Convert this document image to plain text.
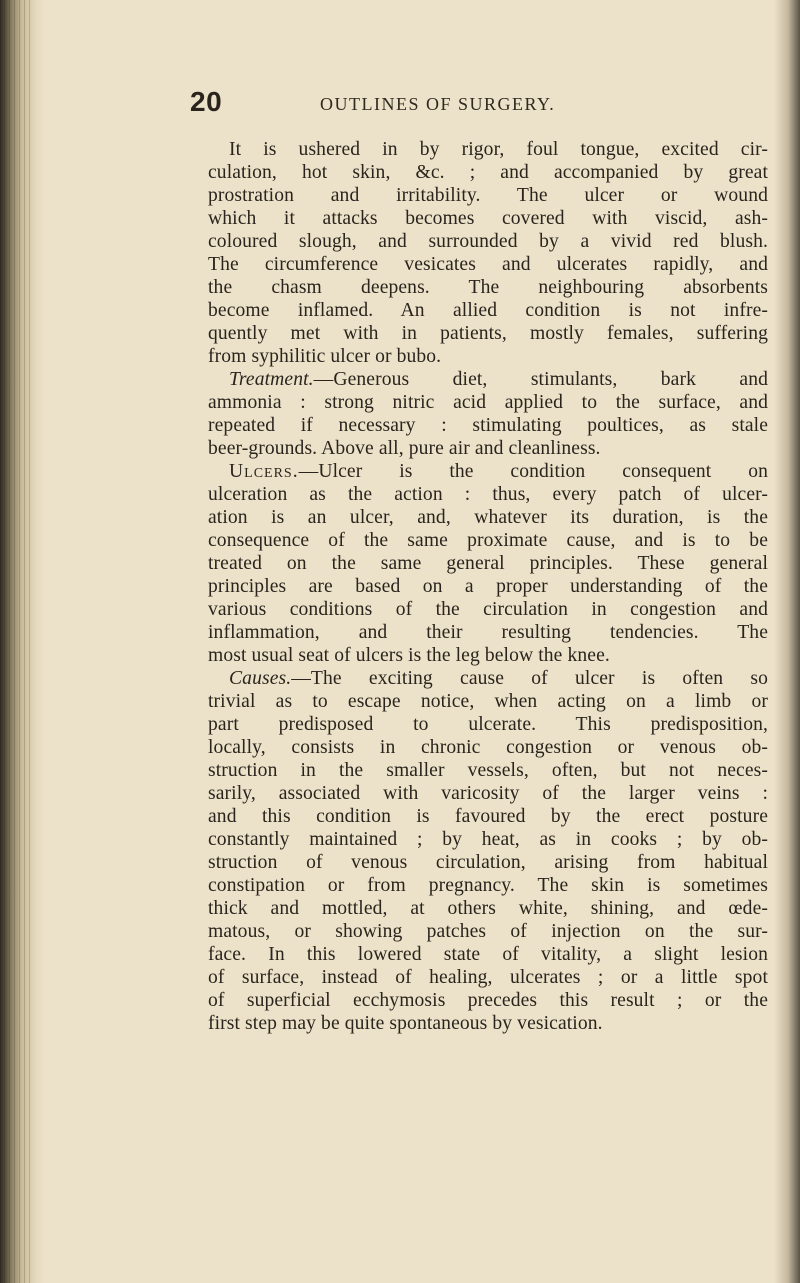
20	OUTLINES OF SURGERY.
It is ushered in by rigor, foul tongue, excited cir-
culation, hot skin, &c. ; and accompanied by great
prostration and irritability. The ulcer or wound
which it attacks becomes covered with viscid, ash-
coloured slough, and surrounded by a vivid red blush.
The circumference vesicates and ulcerates rapidly, and
the chasm deepens. The neighbouring absorbents
become inflamed. An allied condition is not infre-
quently met with in patients, mostly females, suffering
from syphilitic ulcer or bubo.
Treatment.—Generous diet, stimulants, bark and
ammonia : strong nitric acid applied to the surface, and
repeated if necessary : stimulating poultices, as stale
beer-grounds. Above all, pure air and cleanliness.
Ulcers.—Ulcer is the condition consequent on
ulceration as the action : thus, every patch of ulcer-
ation is an ulcer, and, whatever its duration, is the
consequence of the same proximate cause, and is to be
treated on the same general principles. These general
principles are based on a proper understanding of the
various conditions of the circulation in congestion and
inflammation, and their resulting tendencies. The
most usual seat of ulcers is the leg below the knee.
Causes.—The exciting cause of ulcer is often so
trivial as to escape notice, when acting on a limb or
part predisposed to ulcerate. This predisposition,
locally, consists in chronic congestion or venous ob-
struction in the smaller vessels, often, but not neces-
sarily, associated with varicosity of the larger veins :
and this condition is favoured by the erect posture
constantly maintained ; by heat, as in cooks ; by ob-
struction of venous circulation, arising from habitual
constipation or from pregnancy. The skin is sometimes
thick and mottled, at others white, shining, and œde-
matous, or showing patches of injection on the sur-
face. In this lowered state of vitality, a slight lesion
of surface, instead of healing, ulcerates ; or a little spot
of superficial ecchymosis precedes this result ; or the
first step may be quite spontaneous by vesication.
